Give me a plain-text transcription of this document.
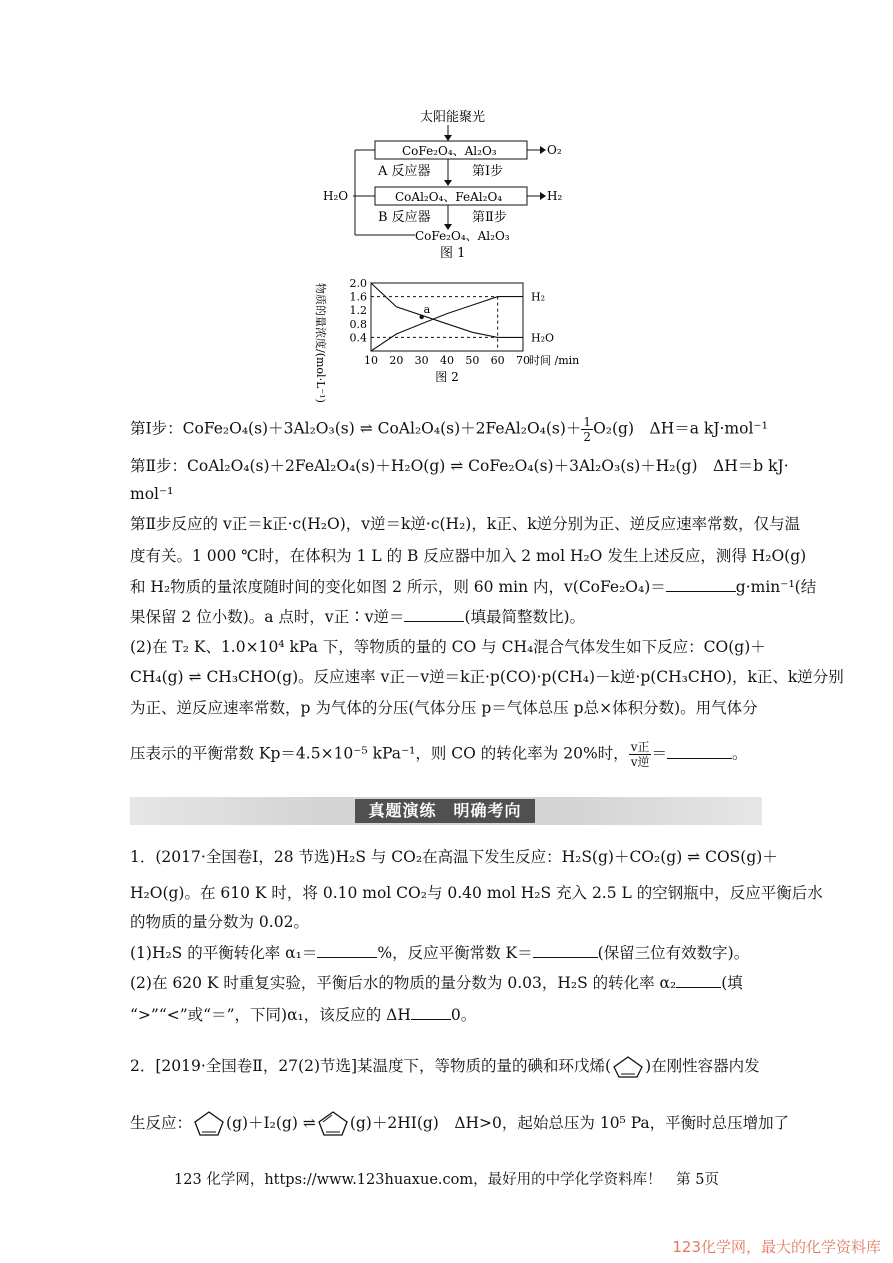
太阳能聚光
CoFe₂O₄、Al₂O₃	O₂
A 反应器	第Ⅰ步
H₂O	CoAl₂O₄、FeAl₂O₄	H₂
B 反应器	第Ⅱ步
CoFe₂O₄、Al₂O₃
图 1
2.0
1.6
1.2
0.8
0.4
10 20 30 40 50 60 70 时间 /min
物质的量浓度/(mol·L⁻¹)	H₂
H₂O
a
图 2
第Ⅰ步：CoFe₂O₄(s)＋3Al₂O₃(s) ⇌ CoAl₂O₄(s)＋2FeAl₂O₄(s)＋ $\frac{1}{2} O_2(g)$　ΔH＝a kJ·mol⁻¹
第Ⅱ步：CoAl₂O₄(s)＋2FeAl₂O₄(s)＋H₂O(g) ⇌ CoFe₂O₄(s)＋3Al₂O₃(s)＋H₂(g)　ΔH＝b kJ·
mol⁻¹
第Ⅱ步反应的 v正＝k正·c(H₂O)，v逆＝k逆·c(H₂)，k正、k逆分别为正、逆反应速率常数，仅与温
度有关。1 000 ℃时，在体积为 1 L 的 B 反应器中加入 2 mol H₂O 发生上述反应，测得 H₂O(g)
和 H₂物质的量浓度随时间的变化如图 2 所示，则 60 min 内，v(CoFe₂O₄)＝	g·min⁻¹(结
果保留 2 位小数)。a 点时，v正∶v逆＝	(填最简整数比)。
(2)在 T₂ K、1.0×10⁴ kPa 下，等物质的量的 CO 与 CH₄混合气体发生如下反应：CO(g)＋
CH₄(g) ⇌ CH₃CHO(g)。反应速率 v正－v逆＝k正·p(CO)·p(CH₄)－k逆·p(CH₃CHO)，k正、k逆分别
为正、逆反应速率常数，p 为气体的分压(气体分压 p＝气体总压 p总×体积分数)。用气体分
压表示的平衡常数 Kp＝4.5×10⁻⁵ kPa⁻¹，则 CO 的转化率为 20%时， $\frac{\text{v正}}{\text{v逆}}$ ＝	。
真题演练　明确考向
1．(2017·全国卷Ⅰ，28 节选)H₂S 与 CO₂在高温下发生反应：H₂S(g)＋CO₂(g) ⇌ COS(g)＋
H₂O(g)。在 610 K 时，将 0.10 mol CO₂与 0.40 mol H₂S 充入 2.5 L 的空钢瓶中，反应平衡后水
的物质的量分数为 0.02。
(1)H₂S 的平衡转化率 α₁＝	%，反应平衡常数 K＝	(保留三位有效数字)。
(2)在 620 K 时重复实验，平衡后水的物质的量分数为 0.03，H₂S 的转化率 α₂	(填
“>”“<”或“＝”，下同)α₁，该反应的 ΔH	0。
2．[2019·全国卷Ⅱ，27(2)节选]某温度下，等物质的量的碘和环戊烯( )在刚性容器内发
生反应： (g)＋I₂(g) ⇌ (g)＋2HI(g)　ΔH>0，起始总压为 10⁵ Pa，平衡时总压增加了
123 化学网，https://www.123huaxue.com，最好用的中学化学资料库！　第 5页
123化学网，最大的化学资料库
